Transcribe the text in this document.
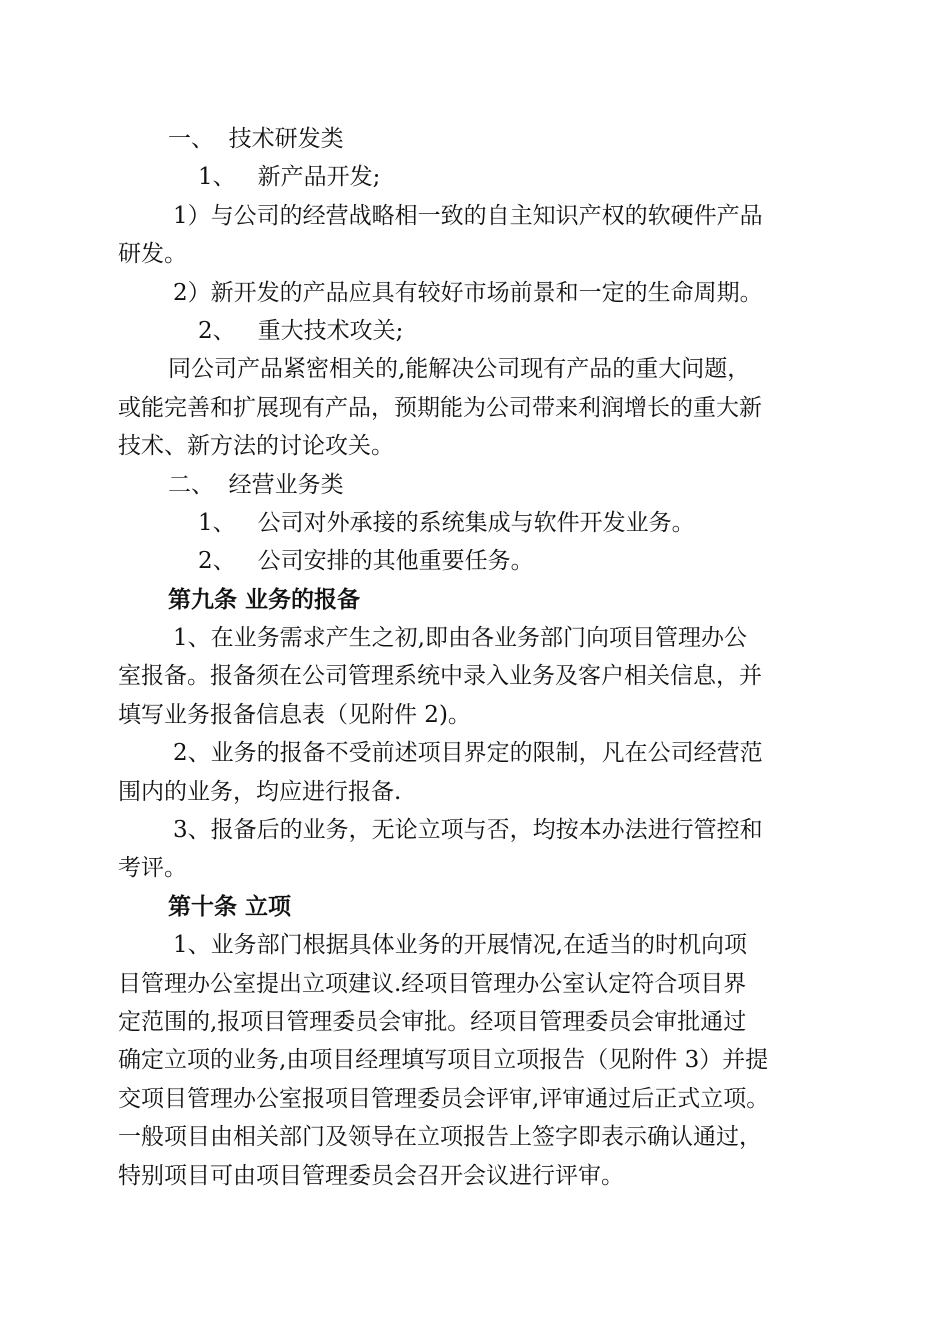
一、  技术研发类
1、   新产品开发;
1）与公司的经营战略相一致的自主知识产权的软硬件产品
研发。
2）新开发的产品应具有较好市场前景和一定的生命周期。
2、   重大技术攻关;
同公司产品紧密相关的,能解决公司现有产品的重大问题，
或能完善和扩展现有产品，预期能为公司带来利润增长的重大新
技术、新方法的讨论攻关。
二、  经营业务类
1、   公司对外承接的系统集成与软件开发业务。
2、   公司安排的其他重要任务。
第九条 业务的报备
1、在业务需求产生之初,即由各业务部门向项目管理办公
室报备。报备须在公司管理系统中录入业务及客户相关信息，并
填写业务报备信息表（见附件 2)。
2、业务的报备不受前述项目界定的限制，凡在公司经营范
围内的业务，均应进行报备.
3、报备后的业务，无论立项与否，均按本办法进行管控和
考评。
第十条 立项
1、业务部门根据具体业务的开展情况,在适当的时机向项
目管理办公室提出立项建议.经项目管理办公室认定符合项目界
定范围的,报项目管理委员会审批。经项目管理委员会审批通过
确定立项的业务,由项目经理填写项目立项报告（见附件 3）并提
交项目管理办公室报项目管理委员会评审,评审通过后正式立项。
一般项目由相关部门及领导在立项报告上签字即表示确认通过，
特别项目可由项目管理委员会召开会议进行评审。
